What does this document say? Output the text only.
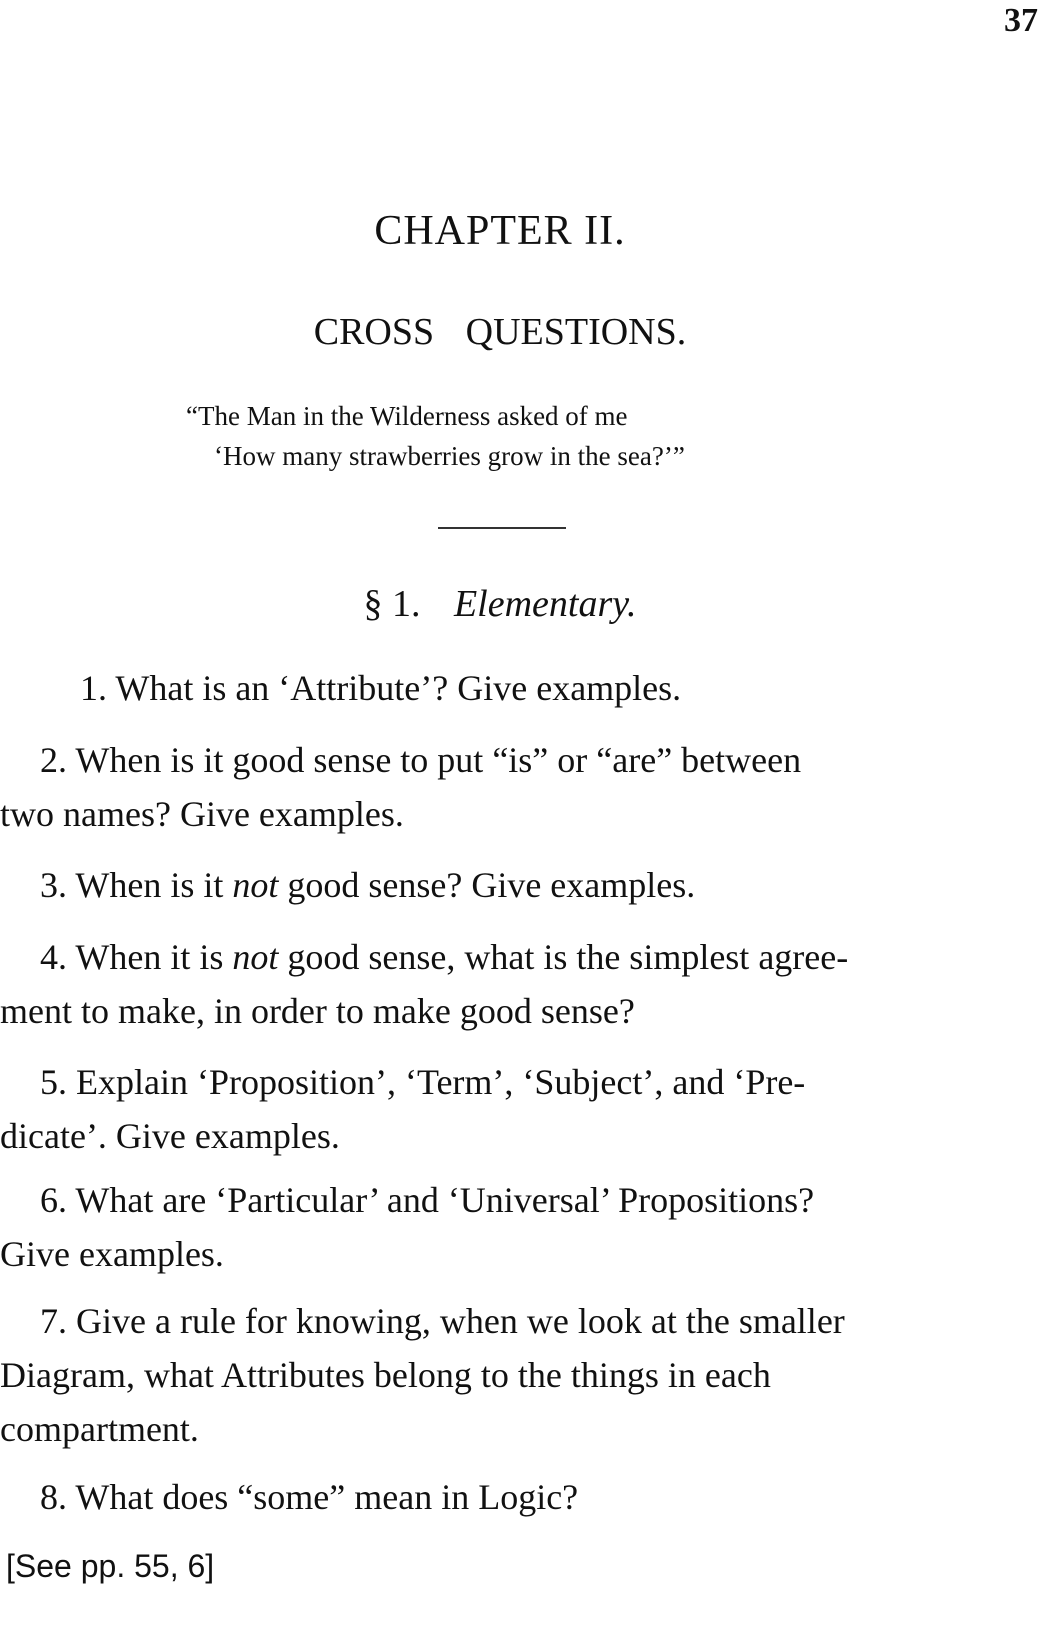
37
CHAPTER II.
CROSS QUESTIONS.
“The Man in the Wilderness asked of me
‘How many strawberries grow in the sea?’”
§ 1. Elementary.
1. What is an ‘Attribute’? Give examples.
2. When is it good sense to put “is” or “are” between
two names? Give examples.
3. When is it not good sense? Give examples.
4. When it is not good sense, what is the simplest agree-
ment to make, in order to make good sense?
5. Explain ‘Proposition’, ‘Term’, ‘Subject’, and ‘Pre-
dicate’. Give examples.
6. What are ‘Particular’ and ‘Universal’ Propositions?
Give examples.
7. Give a rule for knowing, when we look at the smaller
Diagram, what Attributes belong to the things in each
compartment.
8. What does “some” mean in Logic?
[See pp. 55, 6]
